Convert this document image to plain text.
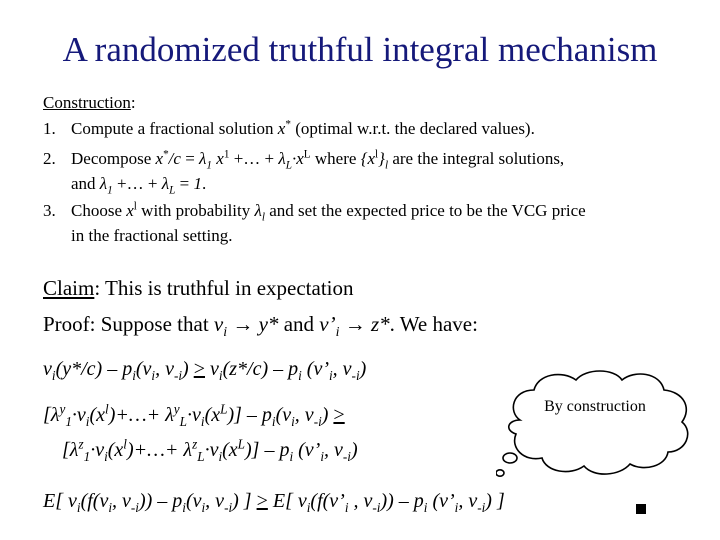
A randomized truthful integral mechanism
Construction:
1. Compute a fractional solution x* (optimal w.r.t. the declared values).
2. Decompose $x^*/c = \lambda_1$ $x^1$ +… + $\lambda_L\cdot x^L$ where $\{x^l\}_l$ are the integral solutions,
and $\lambda_1$ +… + $\lambda_L = 1$.
3. Choose $x^l$ with probability $\lambda_l$ and set the expected price to be the VCG price
in the fractional setting.
Claim: This is truthful in expectation
Proof: Suppose that $v_i \to y*$ and $v’_i \to z*$. We have:
$v_i(y*/c) - p_i(v_i$, $v_{-i}) \ge v_i(z*/c) - p_i$ ($v’_i$, $v_{-i}$)
$[\lambda^y_1\cdot v_i(x^l)+\dots+ \lambda^y_L\cdot v_i(x^L)] - p_i(v_i$, $v_{-i}$) >
$[\lambda^z_1\cdot v_i(x^l)+\dots+ \lambda^z_L\cdot v_i(x^L)] - p_i$ ($v’_i$, $v_{-i}$)
E[ $v_i(f(v_i$, $v_{-i})) - p_i(v_i$, $v_{-i}$) ] ≥ E[ $v_i(f(v’_i$ , $v_{-i})) - p_i$ ($v’_i$, $v_{-i}$) ]
By construction
